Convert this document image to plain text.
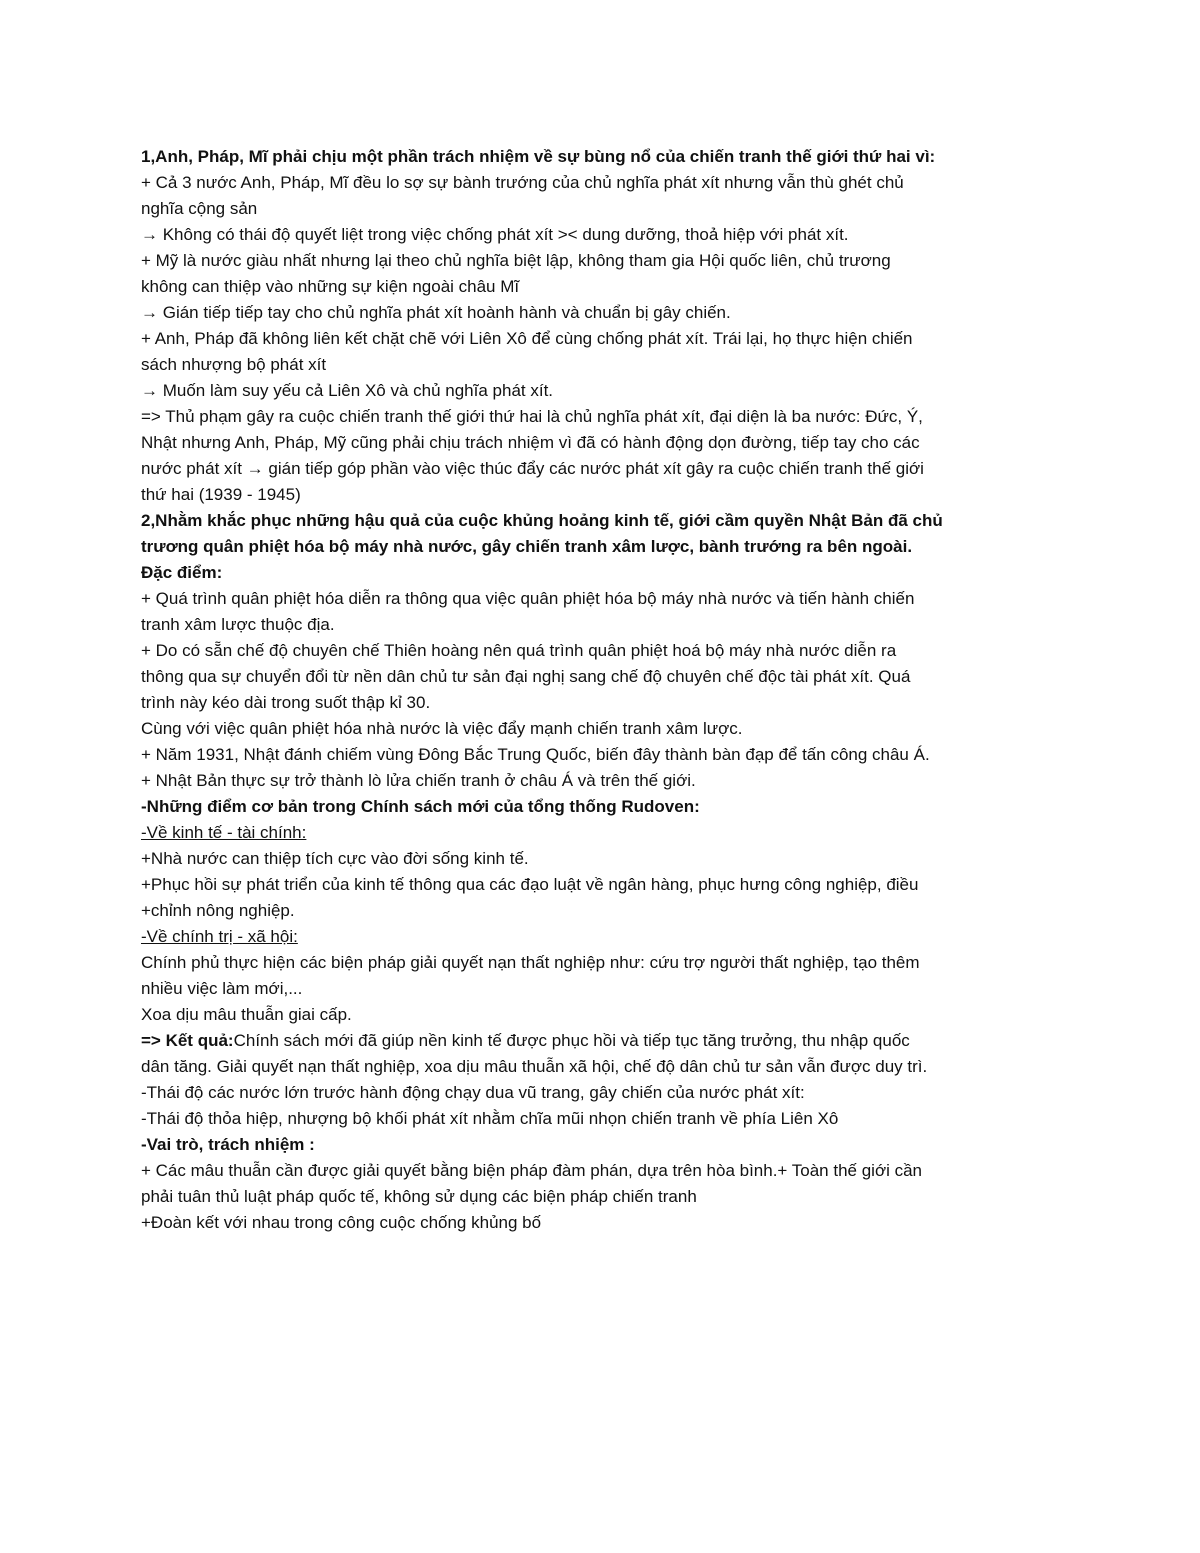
1,Anh, Pháp, Mĩ phải chịu một phần trách nhiệm về sự bùng nổ của chiến tranh thế giới thứ hai vì:
+ Cả 3 nước Anh, Pháp, Mĩ đều lo sợ sự bành trướng của chủ nghĩa phát xít nhưng vẫn thù ghét chủ
nghĩa cộng sản
→ Không có thái độ quyết liệt trong việc chống phát xít >< dung dưỡng, thoả hiệp với phát xít.
+ Mỹ là nước giàu nhất nhưng lại theo chủ nghĩa biệt lập, không tham gia Hội quốc liên, chủ trương
không can thiệp vào những sự kiện ngoài châu Mĩ
→ Gián tiếp tiếp tay cho chủ nghĩa phát xít hoành hành và chuẩn bị gây chiến.
+ Anh, Pháp đã không liên kết chặt chẽ với Liên Xô để cùng chống phát xít. Trái lại, họ thực hiện chiến
sách nhượng bộ phát xít
→ Muốn làm suy yếu cả Liên Xô và chủ nghĩa phát xít.
=> Thủ phạm gây ra cuộc chiến tranh thế giới thứ hai là chủ nghĩa phát xít, đại diện là ba nước: Đức, Ý,
Nhật nhưng Anh, Pháp, Mỹ cũng phải chịu trách nhiệm vì đã có hành động dọn đường, tiếp tay cho các
nước phát xít → gián tiếp góp phần vào việc thúc đẩy các nước phát xít gây ra cuộc chiến tranh thế giới
thứ hai (1939 - 1945)
2,Nhằm khắc phục những hậu quả của cuộc khủng hoảng kinh tế, giới cầm quyền Nhật Bản đã chủ
trương quân phiệt hóa bộ máy nhà nước, gây chiến tranh xâm lược, bành trướng ra bên ngoài.
Đặc điểm:
+ Quá trình quân phiệt hóa diễn ra thông qua việc quân phiệt hóa bộ máy nhà nước và tiến hành chiến
tranh xâm lược thuộc địa.
+ Do có sẵn chế độ chuyên chế Thiên hoàng nên quá trình quân phiệt hoá bộ máy nhà nước diễn ra
thông qua sự chuyển đổi từ nền dân chủ tư sản đại nghị sang chế độ chuyên chế độc tài phát xít. Quá
trình này kéo dài trong suốt thập kỉ 30.
Cùng với việc quân phiệt hóa nhà nước là việc đẩy mạnh chiến tranh xâm lược.
+ Năm 1931, Nhật đánh chiếm vùng Đông Bắc Trung Quốc, biến đây thành bàn đạp để tấn công châu Á.
+ Nhật Bản thực sự trở thành lò lửa chiến tranh ở châu Á và trên thế giới.
-Những điểm cơ bản trong Chính sách mới của tổng thống Rudoven:
-Về kinh tế - tài chính:
+Nhà nước can thiệp tích cực vào đời sống kinh tế.
+Phục hồi sự phát triển của kinh tế thông qua các đạo luật về ngân hàng, phục hưng công nghiệp, điều
+chỉnh nông nghiệp.
-Về chính trị - xã hội:
Chính phủ thực hiện các biện pháp giải quyết nạn thất nghiệp như: cứu trợ người thất nghiệp, tạo thêm
nhiều việc làm mới,...
Xoa dịu mâu thuẫn giai cấp.
=> Kết quả:Chính sách mới đã giúp nền kinh tế được phục hồi và tiếp tục tăng trưởng, thu nhập quốc
dân tăng. Giải quyết nạn thất nghiệp, xoa dịu mâu thuẫn xã hội, chế độ dân chủ tư sản vẫn được duy trì.
-Thái độ các nước lớn trước hành động chạy dua vũ trang, gây chiến của nước phát xít:
-Thái độ thỏa hiệp, nhượng bộ khối phát xít nhằm chĩa mũi nhọn chiến tranh về phía Liên Xô
-Vai trò, trách nhiệm :
+ Các mâu thuẫn cần được giải quyết bằng biện pháp đàm phán, dựa trên hòa bình.+ Toàn thế giới cần
phải tuân thủ luật pháp quốc tế, không sử dụng các biện pháp chiến tranh
+Đoàn kết với nhau trong công cuộc chống khủng bố
